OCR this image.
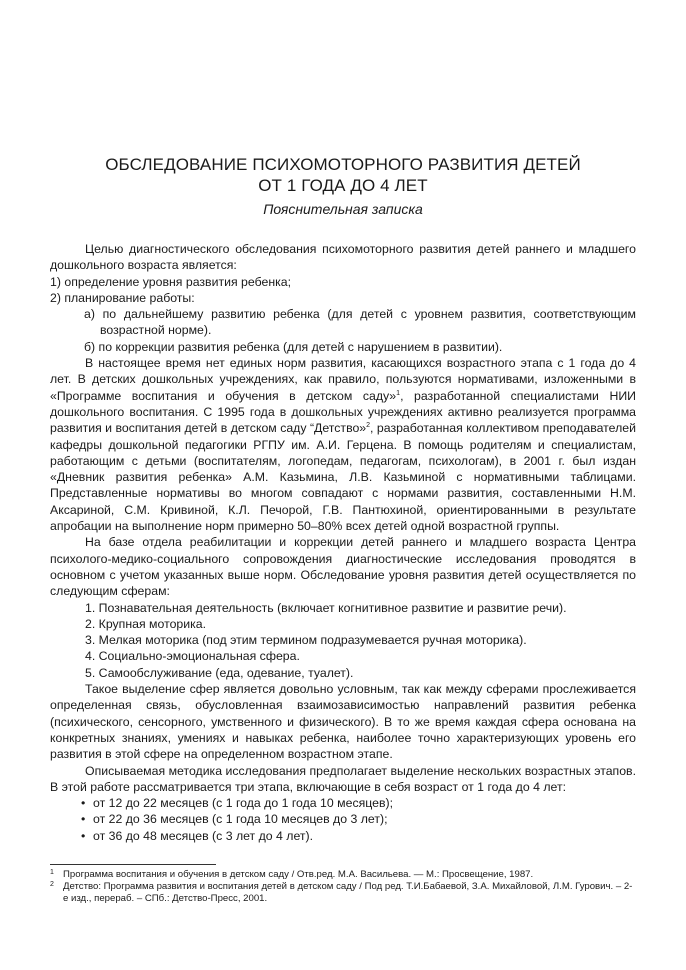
ОБСЛЕДОВАНИЕ ПСИХОМОТОРНОГО РАЗВИТИЯ ДЕТЕЙ
ОТ 1 ГОДА ДО 4 ЛЕТ
Пояснительная записка

Целью диагностического обследования психомоторного развития детей раннего и младшего дошкольного возраста является:

1) определение уровня развития ребенка;

2) планирование работы:

а) по дальнейшему развитию ребенка (для детей с уровнем развития, соответствующим возрастной норме).

б) по коррекции развития ребенка (для детей с нарушением в развитии).

В настоящее время нет единых норм развития, касающихся возрастного этапа с 1 года до 4 лет. В детских дошкольных учреждениях, как правило, пользуются нормативами, изложенными в «Программе воспитания и обучения в детском саду»$^1$, разработанной специалистами НИИ дошкольного воспитания. С 1995 года в дошкольных учреждениях активно реализуется программа развития и воспитания детей в детском саду “Детство»$^2$, разработанная коллективом преподавателей кафедры дошкольной педагогики РГПУ им. А.И. Герцена. В помощь родителям и специалистам, работающим с детьми (воспитателям, логопедам, педагогам, психологам), в 2001 г. был издан «Дневник развития ребенка» А.М. Казьмина, Л.В. Казьминой с нормативными таблицами. Представленные нормативы во многом совпадают с нормами развития, составленными Н.М. Аксариной, С.М. Кривиной, К.Л. Печорой, Г.В. Пантюхиной, ориентированными в результате апробации на выполнение норм примерно 50–80% всех детей одной возрастной группы.

На базе отдела реабилитации и коррекции детей раннего и младшего возраста Центра психолого-медико-социального сопровождения диагностические исследования проводятся в основном с учетом указанных выше норм. Обследование уровня развития детей осуществляется по следующим сферам:

1. Познавательная деятельность (включает когнитивное развитие и развитие речи).

2. Крупная моторика.

3. Мелкая моторика (под этим термином подразумевается ручная моторика).

4. Социально-эмоциональная сфера.

5. Самообслуживание (еда, одевание, туалет).

Такое выделение сфер является довольно условным, так как между сферами прослеживается определенная связь, обусловленная взаимозависимостью направлений развития ребенка (психического, сенсорного, умственного и физического). В то же время каждая сфера основана на конкретных знаниях, умениях и навыках ребенка, наиболее точно характеризующих уровень его развития в этой сфере на определенном возрастном этапе.

Описываемая методика исследования предполагает выделение нескольких возрастных этапов. В этой работе рассматривается три этапа, включающие в себя возраст от 1 года до 4 лет:

• от 12 до 22 месяцев (с 1 года до 1 года 10 месяцев);

• от 22 до 36 месяцев (с 1 года 10 месяцев до 3 лет);

• от 36 до 48 месяцев (с 3 лет до 4 лет).

1 Программа воспитания и обучения в детском саду / Отв.ред. М.А. Васильева. — М.: Просвещение, 1987.
2 Детство: Программа развития и воспитания детей в детском саду / Под ред. Т.И.Бабаевой, З.А. Михайловой, Л.М. Гурович. – 2-е изд., перераб. – СПб.: Детство-Пресс, 2001.
